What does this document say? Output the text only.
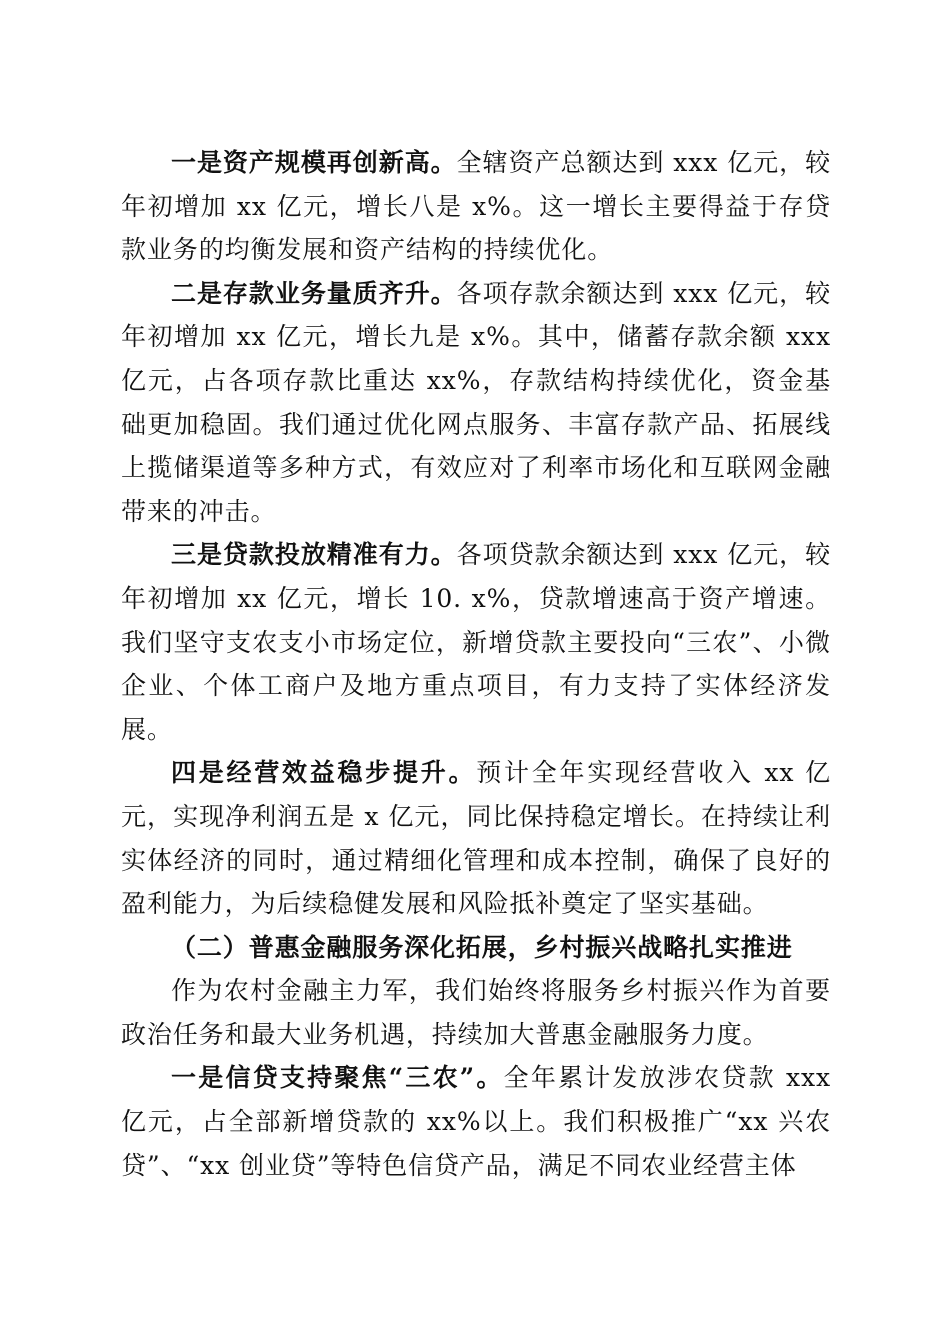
一是资产规模再创新高。全辖资产总额达到 xxx 亿元，较年初增加 xx 亿元，增长八是 x%。这一增长主要得益于存贷款业务的均衡发展和资产结构的持续优化。

二是存款业务量质齐升。各项存款余额达到 xxx 亿元，较年初增加 xx 亿元，增长九是 x%。其中，储蓄存款余额 xxx 亿元，占各项存款比重达 xx%，存款结构持续优化，资金基础更加稳固。我们通过优化网点服务、丰富存款产品、拓展线上揽储渠道等多种方式，有效应对了利率市场化和互联网金融带来的冲击。

三是贷款投放精准有力。各项贷款余额达到 xxx 亿元，较年初增加 xx 亿元，增长 10. x%，贷款增速高于资产增速。我们坚守支农支小市场定位，新增贷款主要投向“三农”、小微企业、个体工商户及地方重点项目，有力支持了实体经济发展。

四是经营效益稳步提升。预计全年实现经营收入 xx 亿元，实现净利润五是 x 亿元，同比保持稳定增长。在持续让利实体经济的同时，通过精细化管理和成本控制，确保了良好的盈利能力，为后续稳健发展和风险抵补奠定了坚实基础。

（二）普惠金融服务深化拓展，乡村振兴战略扎实推进

作为农村金融主力军，我们始终将服务乡村振兴作为首要政治任务和最大业务机遇，持续加大普惠金融服务力度。

一是信贷支持聚焦“三农”。全年累计发放涉农贷款 xxx 亿元，占全部新增贷款的 xx%以上。我们积极推广“xx 兴农贷”、“xx 创业贷”等特色信贷产品，满足不同农业经营主体
